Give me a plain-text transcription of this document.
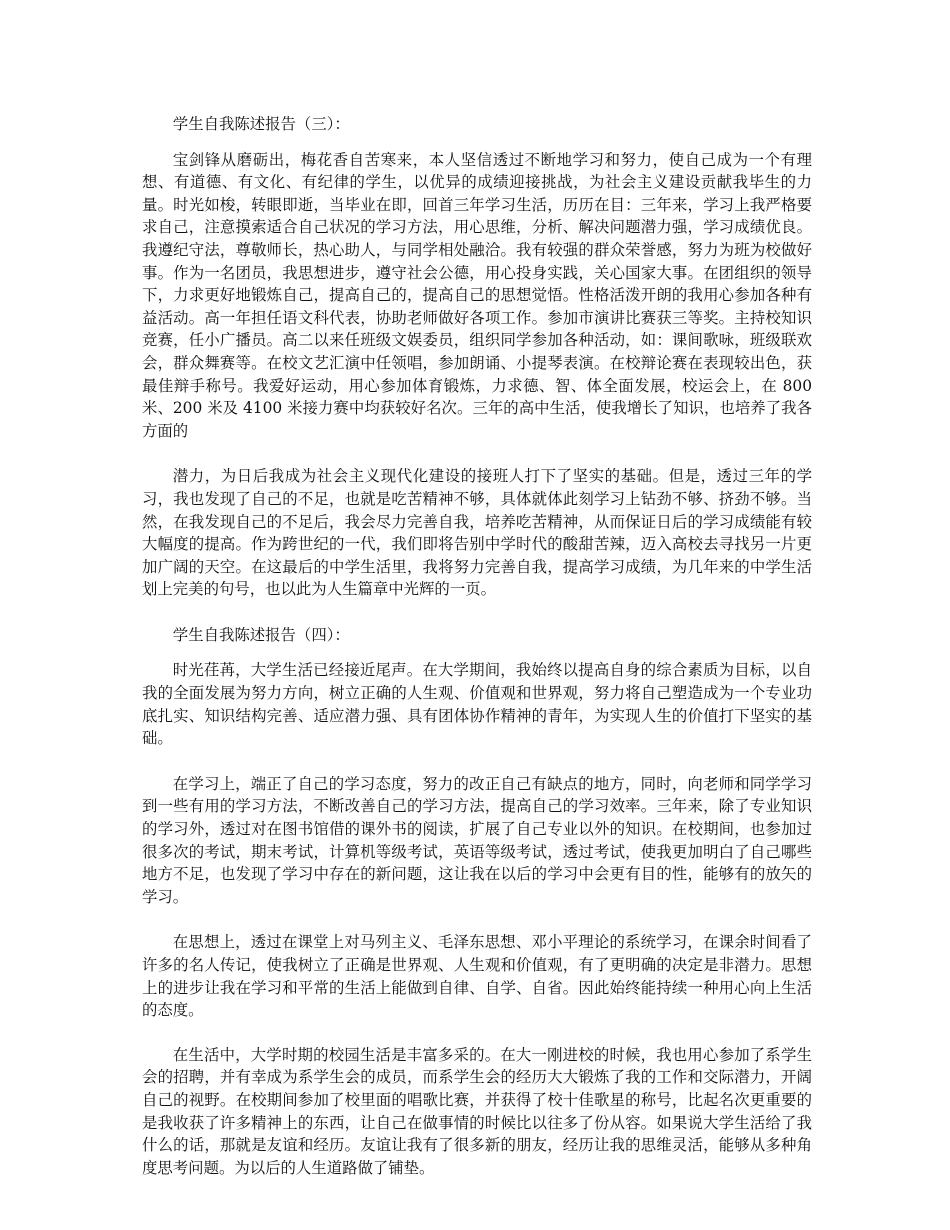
学生自我陈述报告（三）：
宝剑锋从磨砺出，梅花香自苦寒来，本人坚信透过不断地学习和努力，使自己成为一个有理想、有道德、有文化、有纪律的学生，以优异的成绩迎接挑战，为社会主义建设贡献我毕生的力量。时光如梭，转眼即逝，当毕业在即，回首三年学习生活，历历在目：三年来，学习上我严格要求自己，注意摸索适合自己状况的学习方法，用心思维，分析、解决问题潜力强，学习成绩优良。我遵纪守法，尊敬师长，热心助人，与同学相处融洽。我有较强的群众荣誉感，努力为班为校做好事。作为一名团员，我思想进步，遵守社会公德，用心投身实践，关心国家大事。在团组织的领导下，力求更好地锻炼自己，提高自己的，提高自己的思想觉悟。性格活泼开朗的我用心参加各种有益活动。高一年担任语文科代表，协助老师做好各项工作。参加市演讲比赛获三等奖。主持校知识竞赛，任小广播员。高二以来任班级文娱委员，组织同学参加各种活动，如：课间歌咏，班级联欢会，群众舞赛等。在校文艺汇演中任领唱，参加朗诵、小提琴表演。在校辩论赛在表现较出色，获最佳辩手称号。我爱好运动，用心参加体育锻炼，力求德、智、体全面发展，校运会上，在 800 米、200 米及 4100 米接力赛中均获较好名次。三年的高中生活，使我增长了知识，也培养了我各方面的
潜力，为日后我成为社会主义现代化建设的接班人打下了坚实的基础。但是，透过三年的学习，我也发现了自己的不足，也就是吃苦精神不够，具体就体此刻学习上钻劲不够、挤劲不够。当然，在我发现自己的不足后，我会尽力完善自我，培养吃苦精神，从而保证日后的学习成绩能有较大幅度的提高。作为跨世纪的一代，我们即将告别中学时代的酸甜苦辣，迈入高校去寻找另一片更加广阔的天空。在这最后的中学生活里，我将努力完善自我，提高学习成绩，为几年来的中学生活划上完美的句号，也以此为人生篇章中光辉的一页。
学生自我陈述报告（四）：
时光荏苒，大学生活已经接近尾声。在大学期间，我始终以提高自身的综合素质为目标，以自我的全面发展为努力方向，树立正确的人生观、价值观和世界观，努力将自己塑造成为一个专业功底扎实、知识结构完善、适应潜力强、具有团体协作精神的青年，为实现人生的价值打下坚实的基础。
在学习上，端正了自己的学习态度，努力的改正自己有缺点的地方，同时，向老师和同学学习到一些有用的学习方法，不断改善自己的学习方法，提高自己的学习效率。三年来，除了专业知识的学习外，透过对在图书馆借的课外书的阅读，扩展了自己专业以外的知识。在校期间，也参加过很多次的考试，期末考试，计算机等级考试，英语等级考试，透过考试，使我更加明白了自己哪些地方不足，也发现了学习中存在的新问题，这让我在以后的学习中会更有目的性，能够有的放矢的学习。
在思想上，透过在课堂上对马列主义、毛泽东思想、邓小平理论的系统学习，在课余时间看了许多的名人传记，使我树立了正确是世界观、人生观和价值观，有了更明确的决定是非潜力。思想上的进步让我在学习和平常的生活上能做到自律、自学、自省。因此始终能持续一种用心向上生活的态度。
在生活中，大学时期的校园生活是丰富多采的。在大一刚进校的时候，我也用心参加了系学生会的招聘，并有幸成为系学生会的成员，而系学生会的经历大大锻炼了我的工作和交际潜力，开阔自己的视野。在校期间参加了校里面的唱歌比赛，并获得了校十佳歌星的称号，比起名次更重要的是我收获了许多精神上的东西，让自己在做事情的时候比以往多了份从容。如果说大学生活给了我什么的话，那就是友谊和经历。友谊让我有了很多新的朋友，经历让我的思维灵活，能够从多种角度思考问题。为以后的人生道路做了铺垫。
